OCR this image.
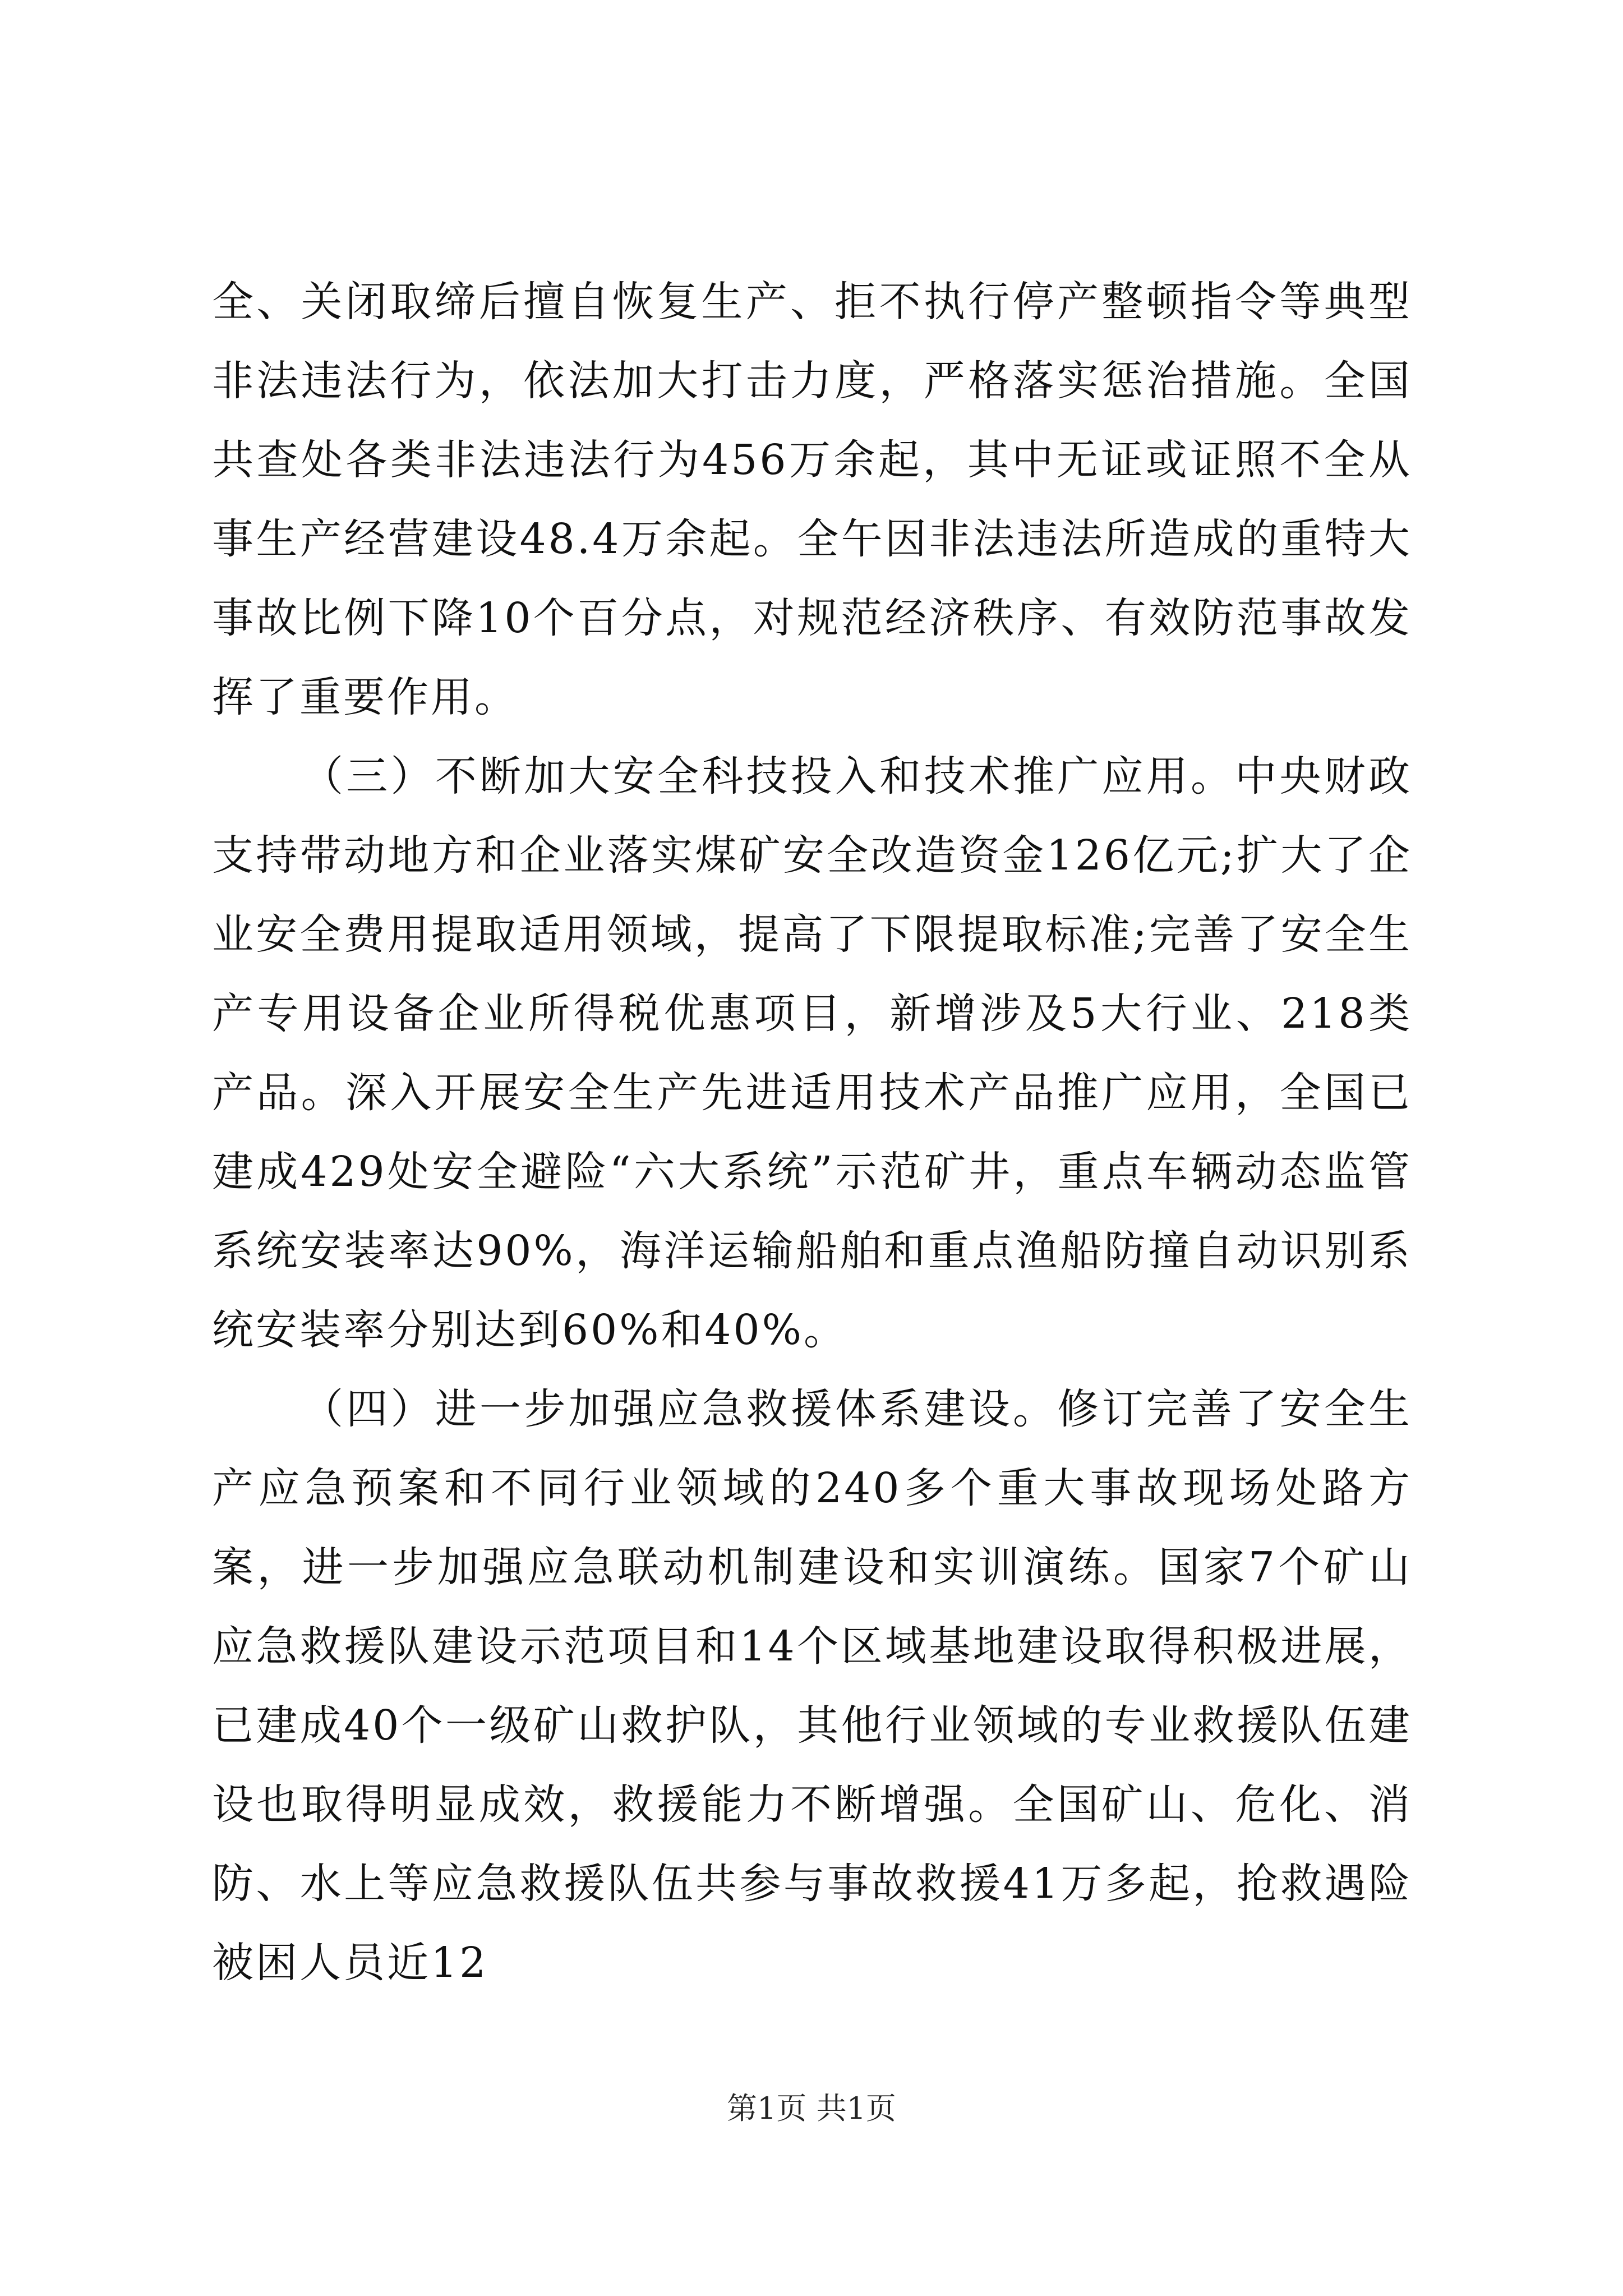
全、关闭取缔后擅自恢复生产、拒不执行停产整顿指令等典型非法违法行为，依法加大打击力度，严格落实惩治措施。全国共查处各类非法违法行为456万余起，其中无证或证照不全从事生产经营建设48.4万余起。全午因非法违法所造成的重特大事故比例下降10个百分点，对规范经济秩序、有效防范事故发挥了重要作用。

（三）不断加大安全科技投入和技术推广应用。中央财政支持带动地方和企业落实煤矿安全改造资金126亿元;扩大了企业安全费用提取适用领域，提高了下限提取标准;完善了安全生产专用设备企业所得税优惠项目，新增涉及5大行业、218类产品。深入开展安全生产先进适用技术产品推广应用，全国已建成429处安全避险“六大系统”示范矿井，重点车辆动态监管系统安装率达90%，海洋运输船舶和重点渔船防撞自动识别系统安装率分别达到60%和40%。

（四）进一步加强应急救援体系建设。修订完善了安全生产应急预案和不同行业领域的240多个重大事故现场处路方案，进一步加强应急联动机制建设和实训演练。国家7个矿山应急救援队建设示范项目和14个区域基地建设取得积极进展，已建成40个一级矿山救护队，其他行业领域的专业救援队伍建设也取得明显成效，救援能力不断增强。全国矿山、危化、消防、水上等应急救援队伍共参与事故救援41万多起，抢救遇险被困人员近12

第1页 共1页
